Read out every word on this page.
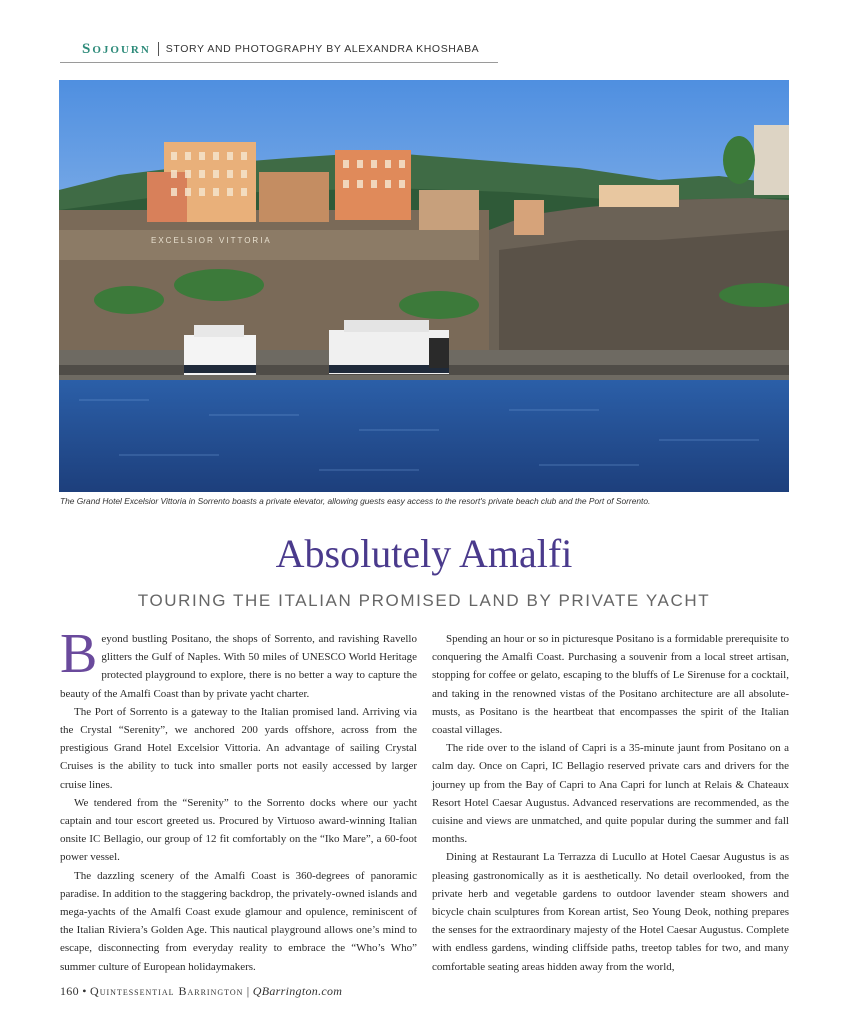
Sojourn STORY AND PHOTOGRAPHY BY ALEXANDRA KHOSHABA
EXCELSIOR VITTORIA
The Grand Hotel Excelsior Vittoria in Sorrento boasts a private elevator, allowing guests easy access to the resort's private beach club and the Port of Sorrento.
Absolutely Amalfi
TOURING THE ITALIAN PROMISED LAND BY PRIVATE YACHT

Beyond bustling Positano, the shops of Sorrento, and ravishing Ravello glitters the Gulf of Naples. With 50 miles of UNESCO World Heritage protected playground to explore, there is no better a way to capture the beauty of the Amalfi Coast than by private yacht charter.

The Port of Sorrento is a gateway to the Italian promised land. Arriving via the Crystal “Serenity”, we anchored 200 yards offshore, across from the prestigious Grand Hotel Excelsior Vittoria. An advantage of sailing Crystal Cruises is the ability to tuck into smaller ports not easily accessed by larger cruise lines.

We tendered from the “Serenity” to the Sorrento docks where our yacht captain and tour escort greeted us. Procured by Virtuoso award-winning Italian onsite IC Bellagio, our group of 12 fit comfortably on the “Iko Mare”, a 60-foot power vessel.

The dazzling scenery of the Amalfi Coast is 360-degrees of panoramic paradise. In addition to the staggering backdrop, the privately-owned islands and mega-yachts of the Amalfi Coast exude glamour and opulence, reminiscent of the Italian Riviera’s Golden Age. This nautical playground allows one’s mind to escape, disconnecting from everyday reality to embrace the “Who’s Who” summer culture of European holidaymakers.

Spending an hour or so in picturesque Positano is a formidable prerequisite to conquering the Amalfi Coast. Purchasing a souvenir from a local street artisan, stopping for coffee or gelato, escaping to the bluffs of Le Sirenuse for a cocktail, and taking in the renowned vistas of the Positano architecture are all absolute-musts, as Positano is the heartbeat that encompasses the spirit of the Italian coastal villages.

The ride over to the island of Capri is a 35-minute jaunt from Positano on a calm day. Once on Capri, IC Bellagio reserved private cars and drivers for the journey up from the Bay of Capri to Ana Capri for lunch at Relais & Chateaux Resort Hotel Caesar Augustus. Advanced reservations are recommended, as the cuisine and views are unmatched, and quite popular during the summer and fall months.

Dining at Restaurant La Terrazza di Lucullo at Hotel Caesar Augustus is as pleasing gastronomically as it is aesthetically. No detail overlooked, from the private herb and vegetable gardens to outdoor lavender steam showers and bicycle chain sculptures from Korean artist, Seo Young Deok, nothing prepares the senses for the extraordinary majesty of the Hotel Caesar Augustus. Complete with endless gardens, winding cliffside paths, treetop tables for two, and many comfortable seating areas hidden away from the world,

160 • Quintessential Barrington | QBarrington.com
